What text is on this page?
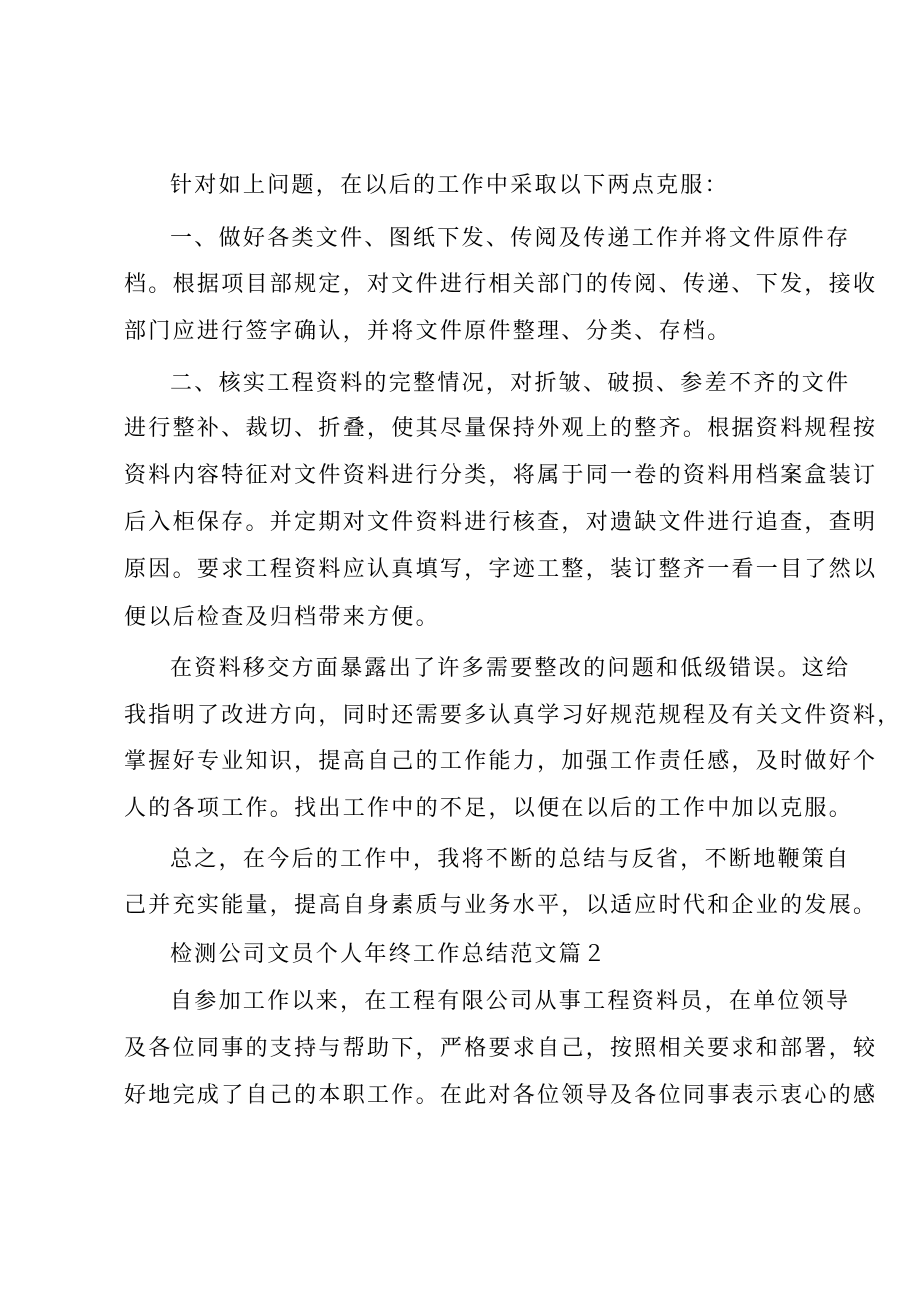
针对如上问题，在以后的工作中采取以下两点克服：
一、做好各类文件、图纸下发、传阅及传递工作并将文件原件存
档。根据项目部规定，对文件进行相关部门的传阅、传递、下发，接收
部门应进行签字确认，并将文件原件整理、分类、存档。
二、核实工程资料的完整情况，对折皱、破损、参差不齐的文件
进行整补、裁切、折叠，使其尽量保持外观上的整齐。根据资料规程按
资料内容特征对文件资料进行分类，将属于同一卷的资料用档案盒装订
后入柜保存。并定期对文件资料进行核查，对遗缺文件进行追查，查明
原因。要求工程资料应认真填写，字迹工整，装订整齐一看一目了然以
便以后检查及归档带来方便。
在资料移交方面暴露出了许多需要整改的问题和低级错误。这给
我指明了改进方向，同时还需要多认真学习好规范规程及有关文件资料，
掌握好专业知识，提高自己的工作能力，加强工作责任感，及时做好个
人的各项工作。找出工作中的不足，以便在以后的工作中加以克服。
总之，在今后的工作中，我将不断的总结与反省，不断地鞭策自
己并充实能量，提高自身素质与业务水平，以适应时代和企业的发展。
检测公司文员个人年终工作总结范文篇２
自参加工作以来，在工程有限公司从事工程资料员，在单位领导
及各位同事的支持与帮助下，严格要求自己，按照相关要求和部署，较
好地完成了自己的本职工作。在此对各位领导及各位同事表示衷心的感
